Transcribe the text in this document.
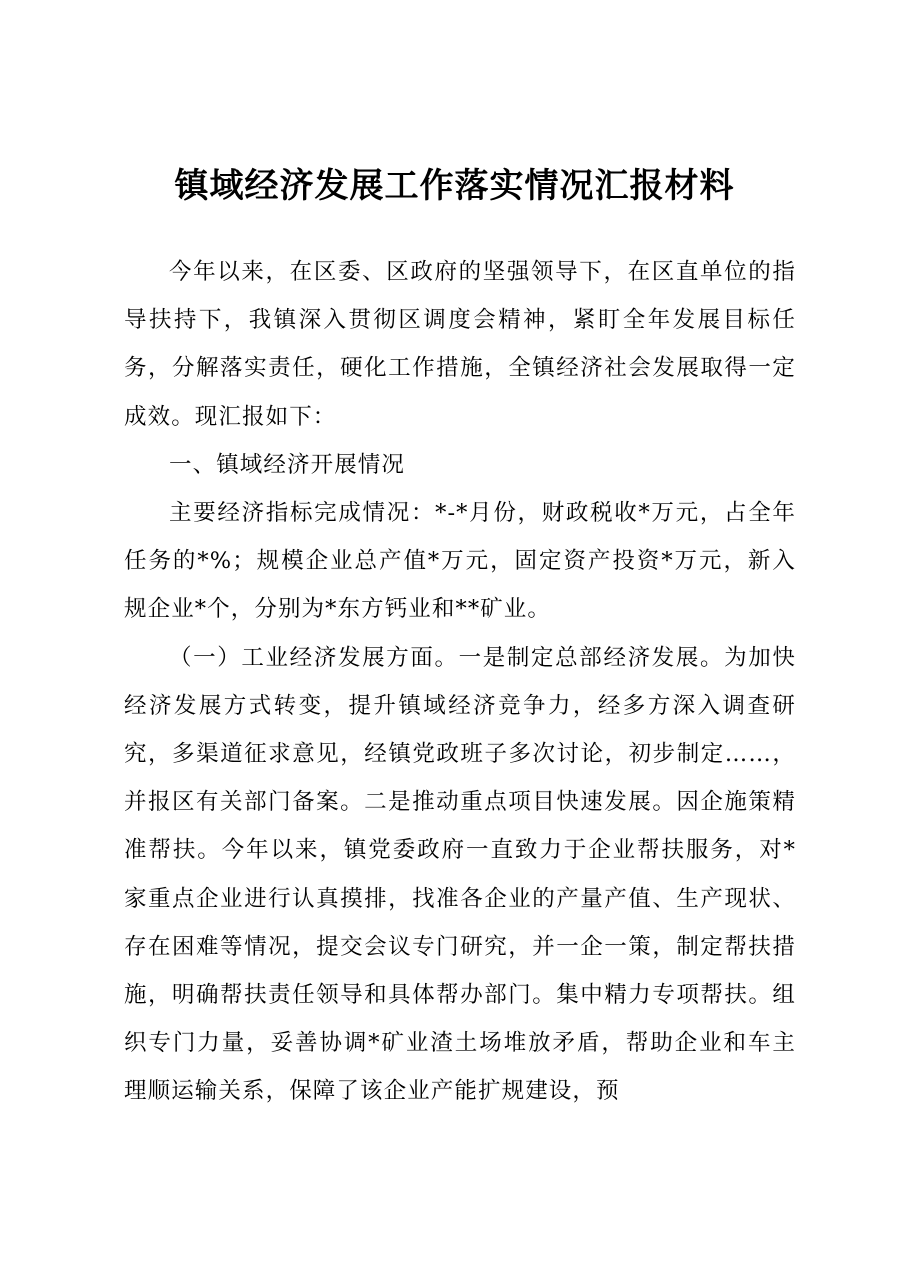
镇域经济发展工作落实情况汇报材料

今年以来，在区委、区政府的坚强领导下，在区直单位的指导扶持下，我镇深入贯彻区调度会精神，紧盯全年发展目标任务，分解落实责任，硬化工作措施，全镇经济社会发展取得一定成效。现汇报如下：

一、镇域经济开展情况

主要经济指标完成情况：*-*月份，财政税收*万元，占全年任务的*%；规模企业总产值*万元，固定资产投资*万元，新入规企业*个，分别为*东方钙业和**矿业。

（一）工业经济发展方面。一是制定总部经济发展。为加快经济发展方式转变，提升镇域经济竞争力，经多方深入调查研究，多渠道征求意见，经镇党政班子多次讨论，初步制定……，并报区有关部门备案。二是推动重点项目快速发展。因企施策精准帮扶。今年以来，镇党委政府一直致力于企业帮扶服务，对*家重点企业进行认真摸排，找准各企业的产量产值、生产现状、存在困难等情况，提交会议专门研究，并一企一策，制定帮扶措施，明确帮扶责任领导和具体帮办部门。集中精力专项帮扶。组织专门力量，妥善协调*矿业渣土场堆放矛盾，帮助企业和车主理顺运输关系，保障了该企业产能扩规建设，预
